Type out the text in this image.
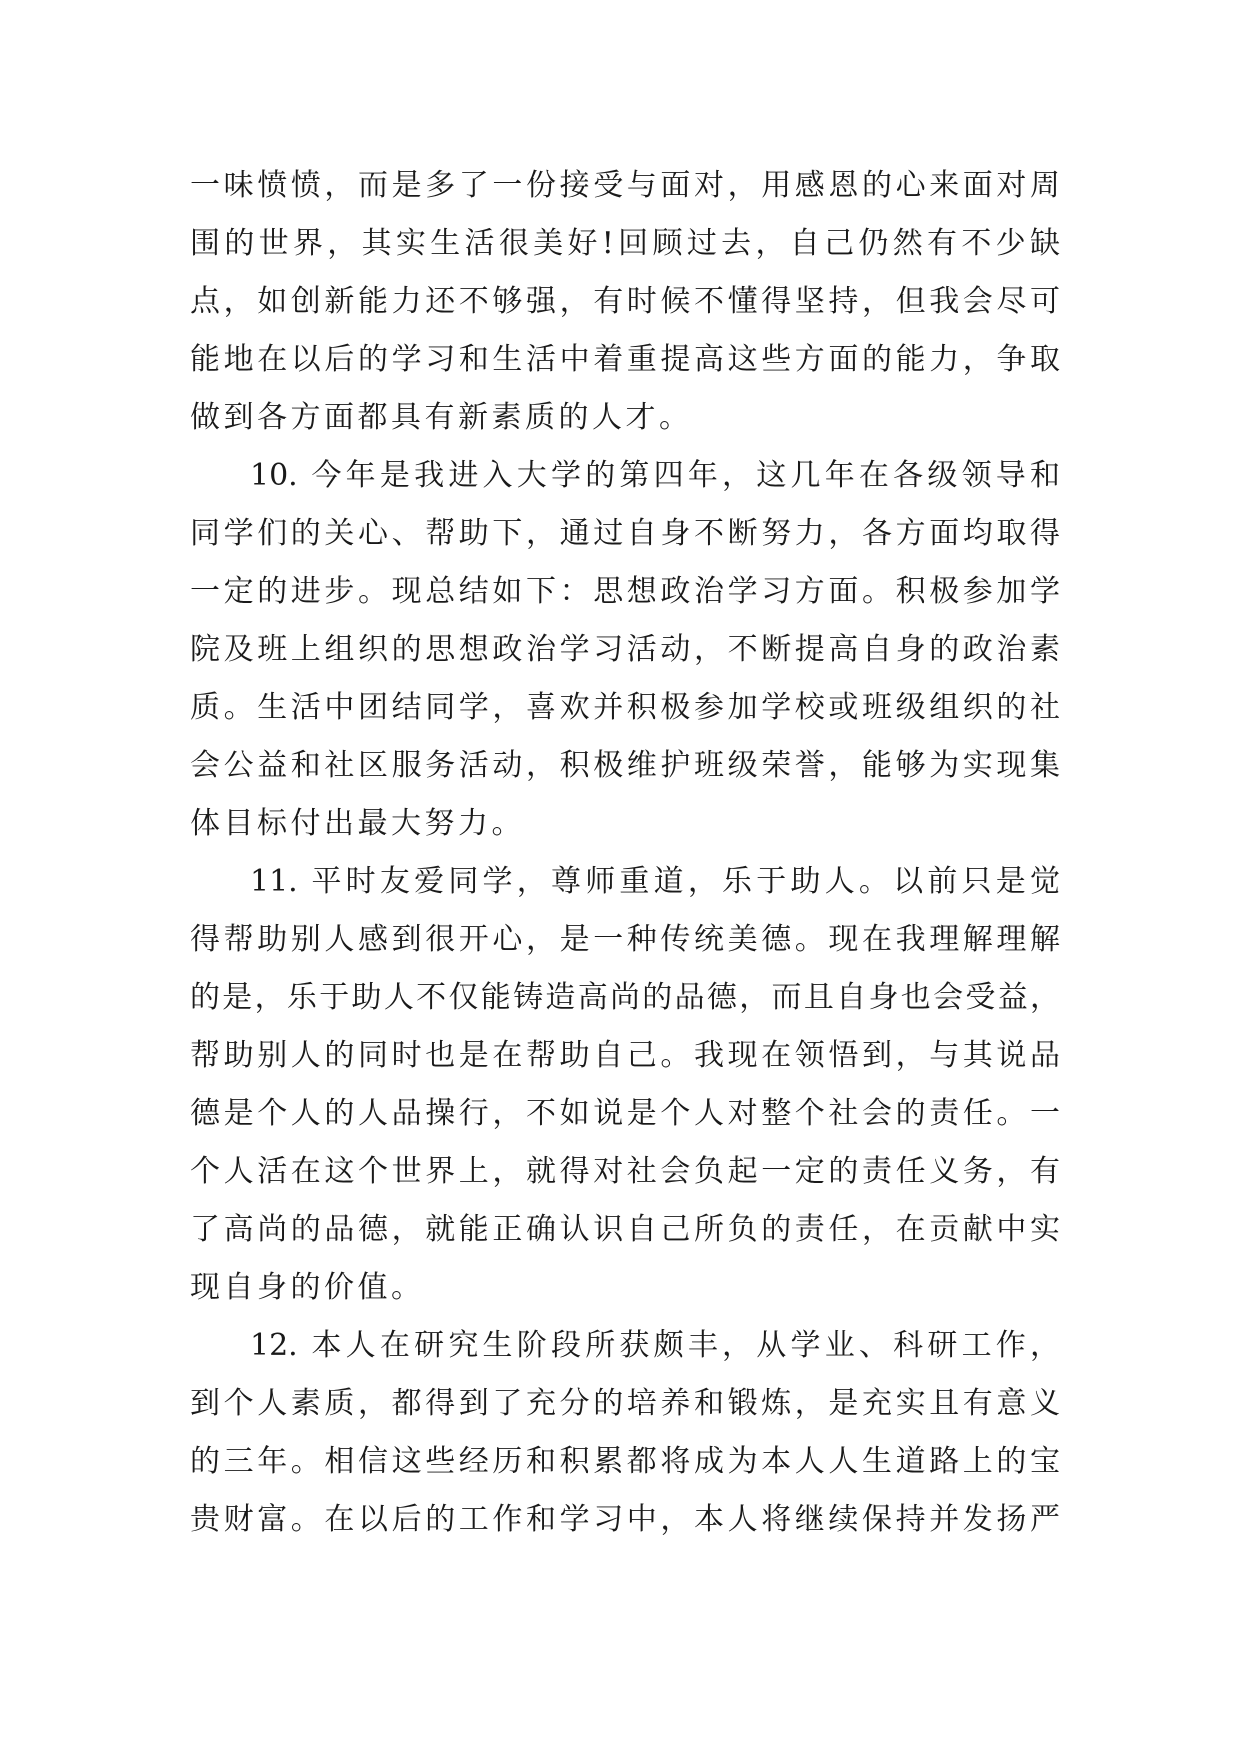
一味愤愤，而是多了一份接受与面对，用感恩的心来面对周
围的世界，其实生活很美好!回顾过去，自己仍然有不少缺
点，如创新能力还不够强，有时候不懂得坚持，但我会尽可
能地在以后的学习和生活中着重提高这些方面的能力，争取
做到各方面都具有新素质的人才。
10. 今年是我进入大学的第四年，这几年在各级领导和
同学们的关心、帮助下，通过自身不断努力，各方面均取得
一定的进步。现总结如下：思想政治学习方面。积极参加学
院及班上组织的思想政治学习活动，不断提高自身的政治素
质。生活中团结同学，喜欢并积极参加学校或班级组织的社
会公益和社区服务活动，积极维护班级荣誉，能够为实现集
体目标付出最大努力。
11. 平时友爱同学，尊师重道，乐于助人。以前只是觉
得帮助别人感到很开心，是一种传统美德。现在我理解理解
的是，乐于助人不仅能铸造高尚的品德，而且自身也会受益，
帮助别人的同时也是在帮助自己。我现在领悟到，与其说品
德是个人的人品操行，不如说是个人对整个社会的责任。一
个人活在这个世界上，就得对社会负起一定的责任义务，有
了高尚的品德，就能正确认识自己所负的责任，在贡献中实
现自身的价值。
12. 本人在研究生阶段所获颇丰，从学业、科研工作，
到个人素质，都得到了充分的培养和锻炼，是充实且有意义
的三年。相信这些经历和积累都将成为本人人生道路上的宝
贵财富。在以后的工作和学习中，本人将继续保持并发扬严
